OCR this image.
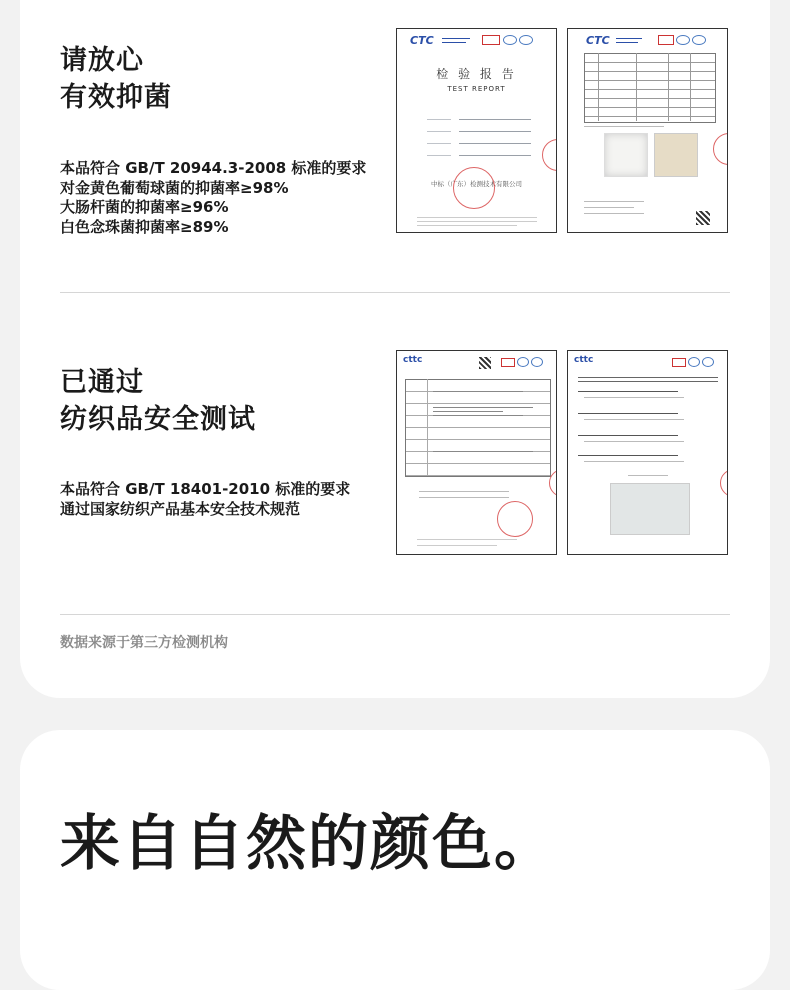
请放心
有效抑菌

本品符合 GB/T 20944.3-2008 标准的要求
对金黄色葡萄球菌的抑菌率≥98%
大肠杆菌的抑菌率≥96%
白色念珠菌抑菌率≥89%

CTC
检 验 报 告
TEST REPORT
中标（广东）检测技术有限公司
CTC
已通过
纺织品安全测试

本品符合 GB/T 18401-2010 标准的要求
通过国家纺织产品基本安全技术规范

cttc	cttc

数据来源于第三方检测机构

来自自然的颜色。
